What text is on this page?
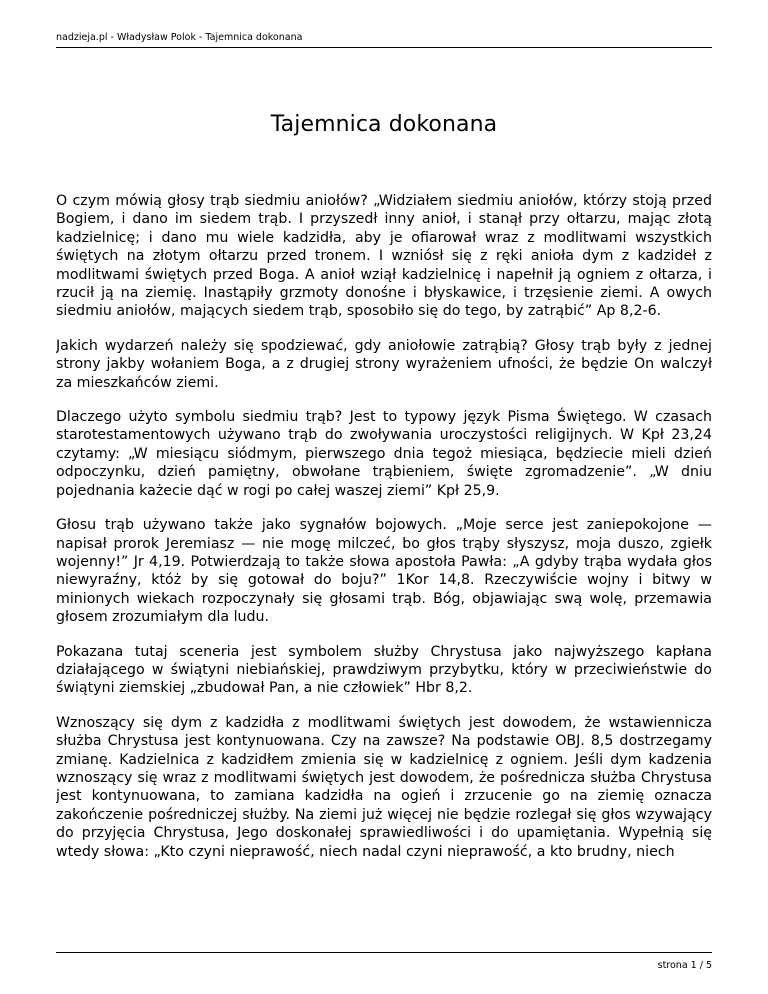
nadzieja.pl - Władysław Polok - Tajemnica dokonana
Tajemnica dokonana

O czym mówią głosy trąb siedmiu aniołów? „Widziałem siedmiu aniołów, którzy stoją przed Bogiem, i dano im siedem trąb. I przyszedł inny anioł, i stanął przy ołtarzu, mając złotą kadzielnicę; i dano mu wiele kadzidła, aby je ofiarował wraz z modlitwami wszystkich świętych na złotym ołtarzu przed tronem. I wzniósł się z ręki anioła dym z kadzideł z modlitwami świętych przed Boga. A anioł wziął kadzielnicę i napełnił ją ogniem z ołtarza, i rzucił ją na ziemię. Inastąpiły grzmoty donośne i błyskawice, i trzęsienie ziemi. A owych siedmiu aniołów, mających siedem trąb, sposobiło się do tego, by zatrąbić” Ap 8,2-6.

Jakich wydarzeń należy się spodziewać, gdy aniołowie zatrąbią? Głosy trąb były z jednej strony jakby wołaniem Boga, a z drugiej strony wyrażeniem ufności, że będzie On walczył za mieszkańców ziemi.

Dlaczego użyto symbolu siedmiu trąb? Jest to typowy język Pisma Świętego. W czasach starotestamentowych używano trąb do zwoływania uroczystości religijnych. W Kpł 23,24 czytamy: „W miesiącu siódmym, pierwszego dnia tegoż miesiąca, będziecie mieli dzień odpoczynku, dzień pamiętny, obwołane trąbieniem, święte zgromadzenie”. „W dniu pojednania każecie dąć w rogi po całej waszej ziemi” Kpł 25,9.

Głosu trąb używano także jako sygnałów bojowych. „Moje serce jest zaniepokojone — napisał prorok Jeremiasz — nie mogę milczeć, bo głos trąby słyszysz, moja duszo, zgiełk wojenny!” Jr 4,19. Potwierdzają to także słowa apostoła Pawła: „A gdyby trąba wydała głos niewyraźny, któż by się gotował do boju?” 1Kor 14,8. Rzeczywiście wojny i bitwy w minionych wiekach rozpoczynały się głosami trąb. Bóg, objawiając swą wolę, przemawia głosem zrozumiałym dla ludu.

Pokazana tutaj sceneria jest symbolem służby Chrystusa jako najwyższego kapłana działającego w świątyni niebiańskiej, prawdziwym przybytku, który w przeciwieństwie do świątyni ziemskiej „zbudował Pan, a nie człowiek” Hbr 8,2.

Wznoszący się dym z kadzidła z modlitwami świętych jest dowodem, że wstawiennicza służba Chrystusa jest kontynuowana. Czy na zawsze? Na podstawie OBJ. 8,5 dostrzegamy zmianę. Kadzielnica z kadzidłem zmienia się w kadzielnicę z ogniem. Jeśli dym kadzenia wznoszący się wraz z modlitwami świętych jest dowodem, że pośrednicza służba Chrystusa jest kontynuowana, to zamiana kadzidła na ogień i zrzucenie go na ziemię oznacza zakończenie pośredniczej służby. Na ziemi już więcej nie będzie rozlegał się głos wzywający do przyjęcia Chrystusa, Jego doskonałej sprawiedliwości i do upamiętania. Wypełnią się wtedy słowa: „Kto czyni nieprawość, niech nadal czyni nieprawość, a kto brudny, niech

strona 1 / 5
